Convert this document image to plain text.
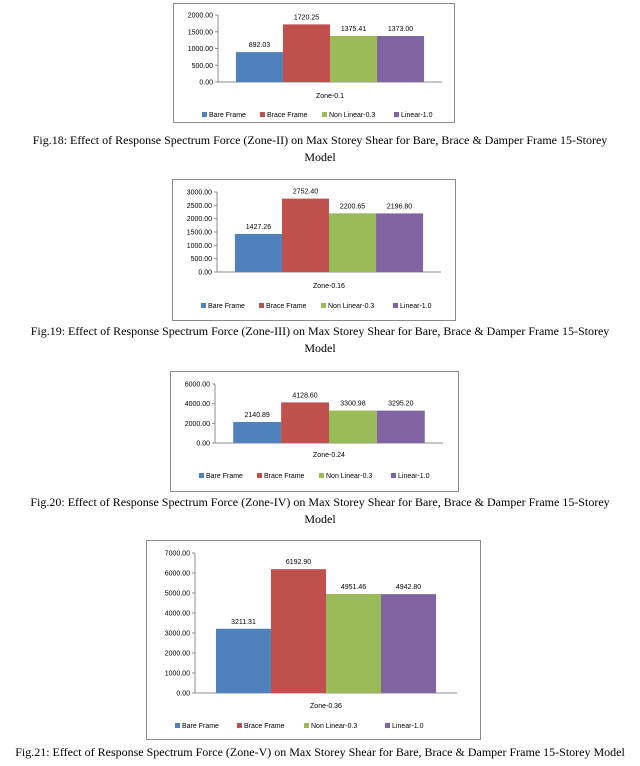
0.00
500.00
1000.00
1500.00
2000.00
892.03
1720.25
1375.41	1373.00
Zone-0.1
Bare Frame	Brace Frame	Non Linear-0.3	Linear-1.0
Fig.18: Effect of Response Spectrum Force (Zone-II) on Max Storey Shear for Bare, Brace & Damper Frame 15-Storey
Model
0.00
500.00
1000.00
1500.00
2000.00
2500.00
3000.00
1427.26
2752.40
2200.65	2196.80
Zone-0.16
Bare Frame	Brace Frame	Non Linear-0.3	Linear-1.0
Fig.19: Effect of Response Spectrum Force (Zone-III) on Max Storey Shear for Bare, Brace & Damper Frame 15-Storey
Model
0.00
2000.00
4000.00
6000.00
2140.89
4128.60
3300.98	3295.20
Zone-0.24
Bare Frame	Brace Frame	Non Linear-0.3	Linear-1.0
Fig.20: Effect of Response Spectrum Force (Zone-IV) on Max Storey Shear for Bare, Brace & Damper Frame 15-Storey
Model
0.00
1000.00
2000.00
3000.00
4000.00
5000.00
6000.00
7000.00
3211.31
6192.90
4951.46	4942.80
Zone-0.36
Bare Frame	Brace Frame	Non Linear-0.3	Linear-1.0
Fig.21: Effect of Response Spectrum Force (Zone-V) on Max Storey Shear for Bare, Brace & Damper Frame 15-Storey Model
